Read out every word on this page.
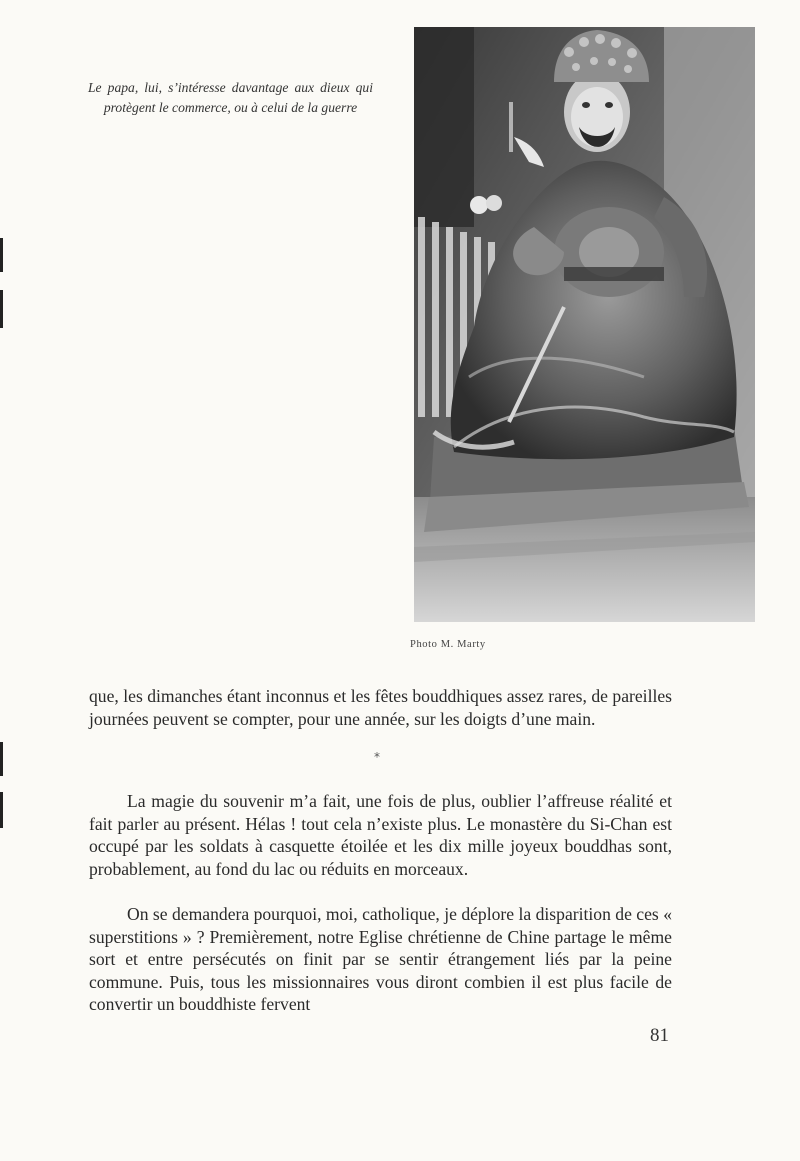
Le papa, lui, s’intéresse davantage aux dieux qui protègent le commerce, ou à celui de la guerre
Photo M. Marty

que, les dimanches étant inconnus et les fêtes bouddhiques assez rares, de pareilles journées peuvent se compter, pour une année, sur les doigts d’une main.

*

La magie du souvenir m’a fait, une fois de plus, oublier l’affreuse réalité et fait parler au présent. Hélas ! tout cela n’existe plus. Le monastère du Si-Chan est occupé par les soldats à casquette étoilée et les dix mille joyeux bouddhas sont, probablement, au fond du lac ou réduits en morceaux.

On se demandera pourquoi, moi, catholique, je déplore la disparition de ces « superstitions » ? Premièrement, notre Eglise chrétienne de Chine partage le même sort et entre persécutés on finit par se sentir étrangement liés par la peine commune. Puis, tous les missionnaires vous diront combien il est plus facile de convertir un bouddhiste fervent

81
